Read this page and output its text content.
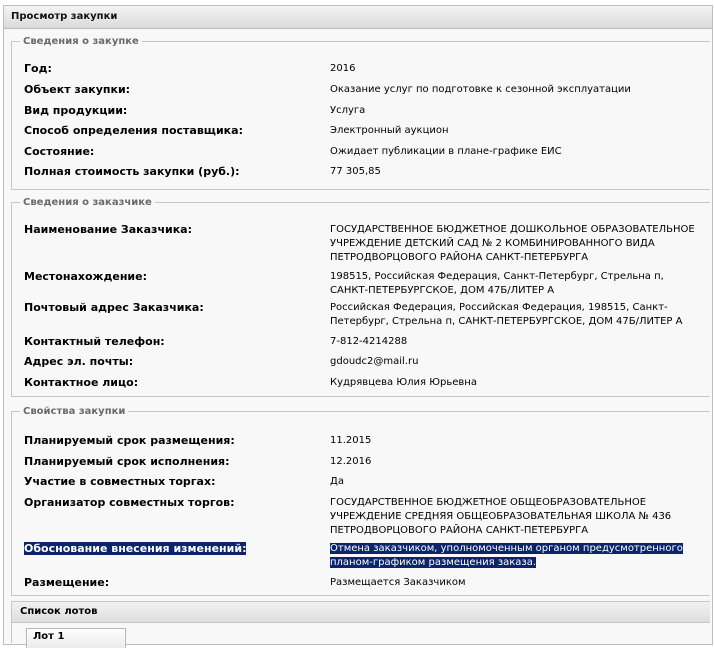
Просмотр закупки
Сведения о закупке
Год:	2016
Объект закупки:	Оказание услуг по подготовке к сезонной эксплуатации
Вид продукции:	Услуга
Способ определения поставщика:	Электронный аукцион
Состояние:	Ожидает публикации в плане-графике ЕИС
Полная стоимость закупки (руб.):	77 305,85
Сведения о заказчике
Наименование Заказчика:	ГОСУДАРСТВЕННОЕ БЮДЖЕТНОЕ ДОШКОЛЬНОЕ ОБРАЗОВАТЕЛЬНОЕ УЧРЕЖДЕНИЕ ДЕТСКИЙ САД № 2 КОМБИНИРОВАННОГО ВИДА ПЕТРОДВОРЦОВОГО РАЙОНА САНКТ-ПЕТЕРБУРГА
Местонахождение:	198515, Российская Федерация, Санкт-Петербург, Стрельна п, САНКТ-ПЕТЕРБУРГСКОЕ, ДОМ 47Б/ЛИТЕР А
Почтовый адрес Заказчика:	Российская Федерация, Российская Федерация, 198515, Санкт-Петербург, Стрельна п, САНКТ-ПЕТЕРБУРГСКОЕ, ДОМ 47Б/ЛИТЕР А
Контактный телефон:	7-812-4214288
Адрес эл. почты:	gdoudc2@mail.ru
Контактное лицо:	Кудрявцева Юлия Юрьевна
Свойства закупки
Планируемый срок размещения:	11.2015
Планируемый срок исполнения:	12.2016
Участие в совместных торгах:	Да
Организатор совместных торгов:	ГОСУДАРСТВЕННОЕ БЮДЖЕТНОЕ ОБЩЕОБРАЗОВАТЕЛЬНОЕ УЧРЕЖДЕНИЕ СРЕДНЯЯ ОБЩЕОБРАЗОВАТЕЛЬНАЯ ШКОЛА № 436 ПЕТРОДВОРЦОВОГО РАЙОНА САНКТ-ПЕТЕРБУРГА
Обоснование внесения изменений:	Отмена заказчиком, уполномоченным органом предусмотренного планом-графиком размещения заказа.
Размещение:	Размещается Заказчиком
Список лотов
Лот 1
